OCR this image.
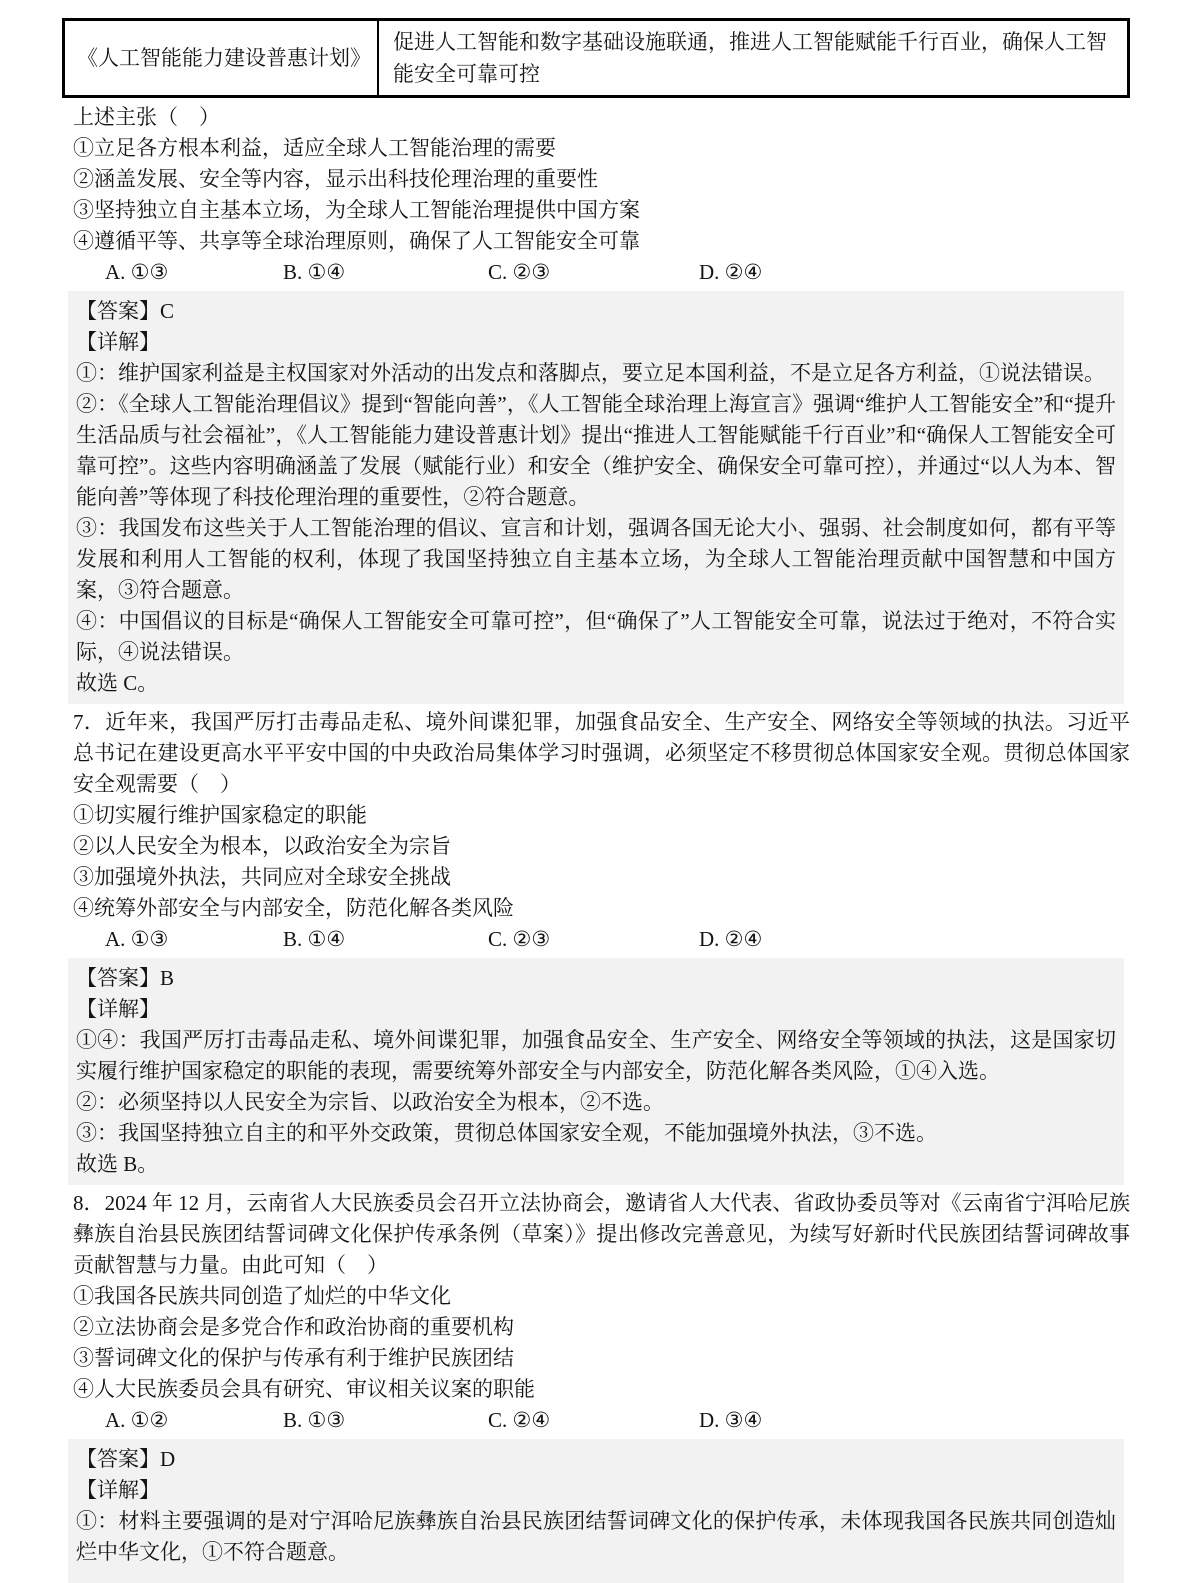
《人工智能能力建设普惠计划》	促进人工智能和数字基础设施联通，推进人工智能赋能千行百业，确保人工智能安全可靠可控

上述主张（　）

①立足各方根本利益，适应全球人工智能治理的需要

②涵盖发展、安全等内容，显示出科技伦理治理的重要性

③坚持独立自主基本立场，为全球人工智能治理提供中国方案

④遵循平等、共享等全球治理原则，确保了人工智能安全可靠

A. ①③	B. ①④	C. ②③	D. ②④

【答案】C

【详解】

①：维护国家利益是主权国家对外活动的出发点和落脚点，要立足本国利益，不是立足各方利益，①说法错误。

②：《全球人工智能治理倡议》提到“智能向善”，《人工智能全球治理上海宣言》强调“维护人工智能安全”和“提升生活品质与社会福祉”，《人工智能能力建设普惠计划》提出“推进人工智能赋能千行百业”和“确保人工智能安全可靠可控”。这些内容明确涵盖了发展（赋能行业）和安全（维护安全、确保安全可靠可控），并通过“以人为本、智能向善”等体现了科技伦理治理的重要性，②符合题意。

③：我国发布这些关于人工智能治理的倡议、宣言和计划，强调各国无论大小、强弱、社会制度如何，都有平等发展和利用人工智能的权利，体现了我国坚持独立自主基本立场，为全球人工智能治理贡献中国智慧和中国方案，③符合题意。

④：中国倡议的目标是“确保人工智能安全可靠可控”，但“确保了”人工智能安全可靠，说法过于绝对，不符合实际，④说法错误。

故选 C。

7．近年来，我国严厉打击毒品走私、境外间谍犯罪，加强食品安全、生产安全、网络安全等领域的执法。习近平总书记在建设更高水平平安中国的中央政治局集体学习时强调，必须坚定不移贯彻总体国家安全观。贯彻总体国家安全观需要（　）

①切实履行维护国家稳定的职能

②以人民安全为根本，以政治安全为宗旨

③加强境外执法，共同应对全球安全挑战

④统筹外部安全与内部安全，防范化解各类风险

A. ①③	B. ①④	C. ②③	D. ②④

【答案】B

【详解】

①④：我国严厉打击毒品走私、境外间谍犯罪，加强食品安全、生产安全、网络安全等领域的执法，这是国家切实履行维护国家稳定的职能的表现，需要统筹外部安全与内部安全，防范化解各类风险，①④入选。

②：必须坚持以人民安全为宗旨、以政治安全为根本，②不选。

③：我国坚持独立自主的和平外交政策，贯彻总体国家安全观，不能加强境外执法，③不选。

故选 B。

8．2024 年 12 月，云南省人大民族委员会召开立法协商会，邀请省人大代表、省政协委员等对《云南省宁洱哈尼族彝族自治县民族团结誓词碑文化保护传承条例（草案）》提出修改完善意见，为续写好新时代民族团结誓词碑故事贡献智慧与力量。由此可知（　）

①我国各民族共同创造了灿烂的中华文化

②立法协商会是多党合作和政治协商的重要机构

③誓词碑文化的保护与传承有利于维护民族团结

④人大民族委员会具有研究、审议相关议案的职能

A. ①②	B. ①③	C. ②④	D. ③④

【答案】D

【详解】

①：材料主要强调的是对宁洱哈尼族彝族自治县民族团结誓词碑文化的保护传承，未体现我国各民族共同创造灿烂中华文化，①不符合题意。
